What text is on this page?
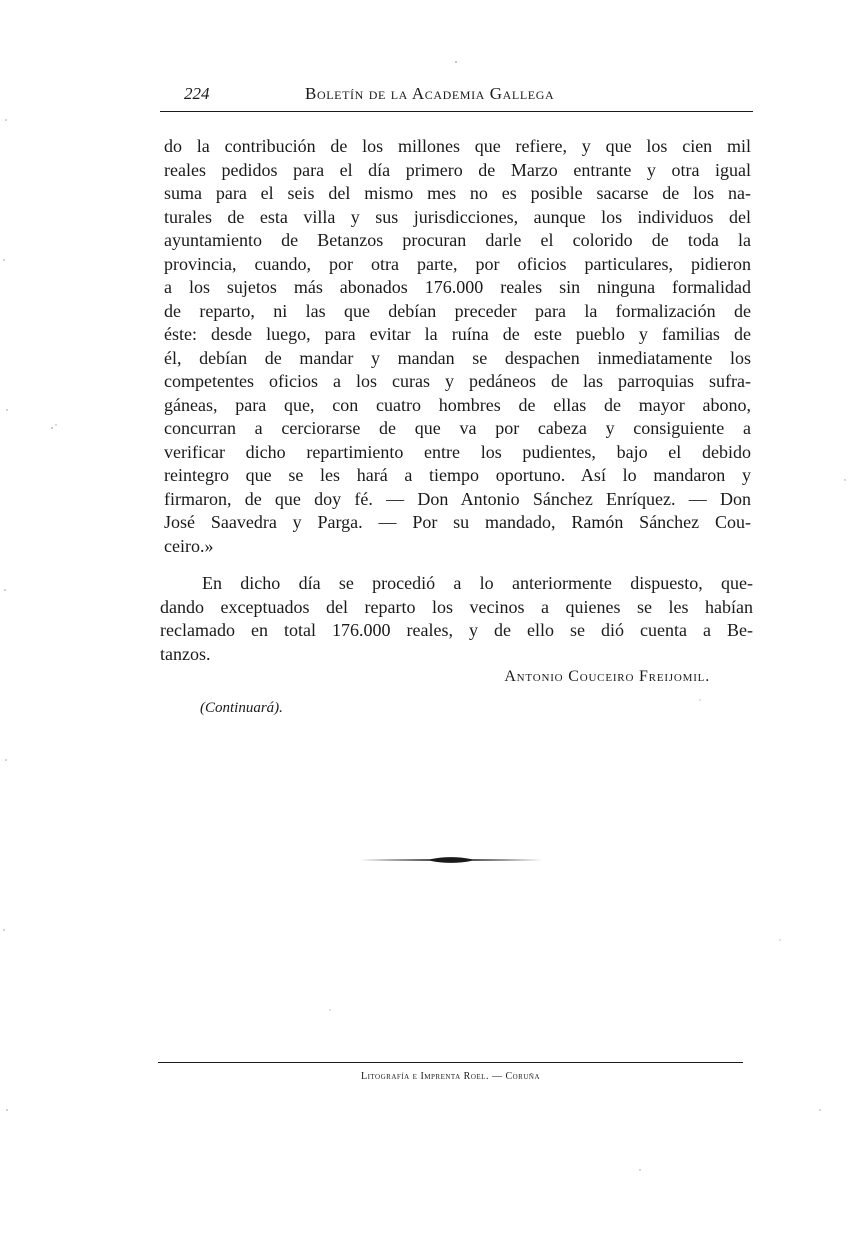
224	Boletín de la Academia Gallega
do la contribución de los millones que refiere, y que los cien mil
reales pedidos para el día primero de Marzo entrante y otra igual
suma para el seis del mismo mes no es posible sacarse de los na-
turales de esta villa y sus jurisdicciones, aunque los individuos del
ayuntamiento de Betanzos procuran darle el colorido de toda la
provincia, cuando, por otra parte, por oficios particulares, pidieron
a los sujetos más abonados 176.000 reales sin ninguna formalidad
de reparto, ni las que debían preceder para la formalización de
éste: desde luego, para evitar la ruína de este pueblo y familias de
él, debían de mandar y mandan se despachen inmediatamente los
competentes oficios a los curas y pedáneos de las parroquias sufra-
gáneas, para que, con cuatro hombres de ellas de mayor abono,
concurran a cerciorarse de que va por cabeza y consiguiente a
verificar dicho repartimiento entre los pudientes, bajo el debido
reintegro que se les hará a tiempo oportuno. Así lo mandaron y
firmaron, de que doy fé. — Don Antonio Sánchez Enríquez. — Don
José Saavedra y Parga. — Por su mandado, Ramón Sánchez Cou-
ceiro.»
En dicho día se procedió a lo anteriormente dispuesto, que-
dando exceptuados del reparto los vecinos a quienes se les habían
reclamado en total 176.000 reales, y de ello se dió cuenta a Be-
tanzos.
Antonio Couceiro Freijomil.
(Continuará).
Litografía e Imprenta Roel. — Coruña
